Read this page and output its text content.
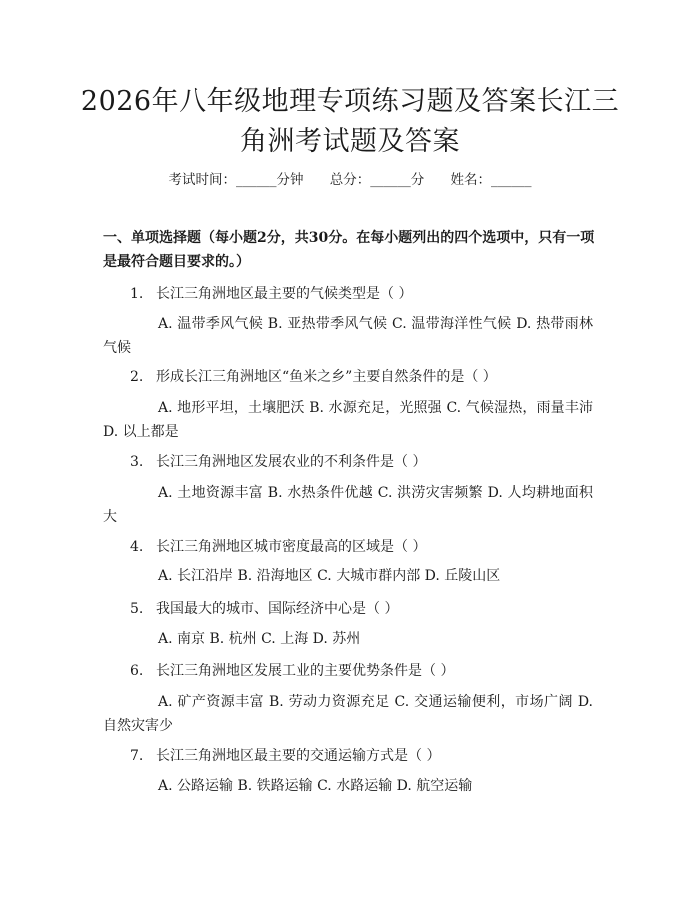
2026年八年级地理专项练习题及答案长江三
角洲考试题及答案
考试时间：______分钟 总分：______分 姓名：______
一、单项选择题（每小题2分，共30分。在每小题列出的四个选项中，只有一项是最符合题目要求的。）
1. 长江三角洲地区最主要的气候类型是（ ）
A. 温带季风气候 B. 亚热带季风气候 C. 温带海洋性气候 D. 热带雨林气候
2. 形成长江三角洲地区“鱼米之乡”主要自然条件的是（ ）
A. 地形平坦，土壤肥沃 B. 水源充足，光照强 C. 气候湿热，雨量丰沛 D. 以上都是
3. 长江三角洲地区发展农业的不利条件是（ ）
A. 土地资源丰富 B. 水热条件优越 C. 洪涝灾害频繁 D. 人均耕地面积大
4. 长江三角洲地区城市密度最高的区域是（ ）
A. 长江沿岸 B. 沿海地区 C. 大城市群内部 D. 丘陵山区
5. 我国最大的城市、国际经济中心是（ ）
A. 南京 B. 杭州 C. 上海 D. 苏州
6. 长江三角洲地区发展工业的主要优势条件是（ ）
A. 矿产资源丰富 B. 劳动力资源充足 C. 交通运输便利，市场广阔 D. 自然灾害少
7. 长江三角洲地区最主要的交通运输方式是（ ）
A. 公路运输 B. 铁路运输 C. 水路运输 D. 航空运输
